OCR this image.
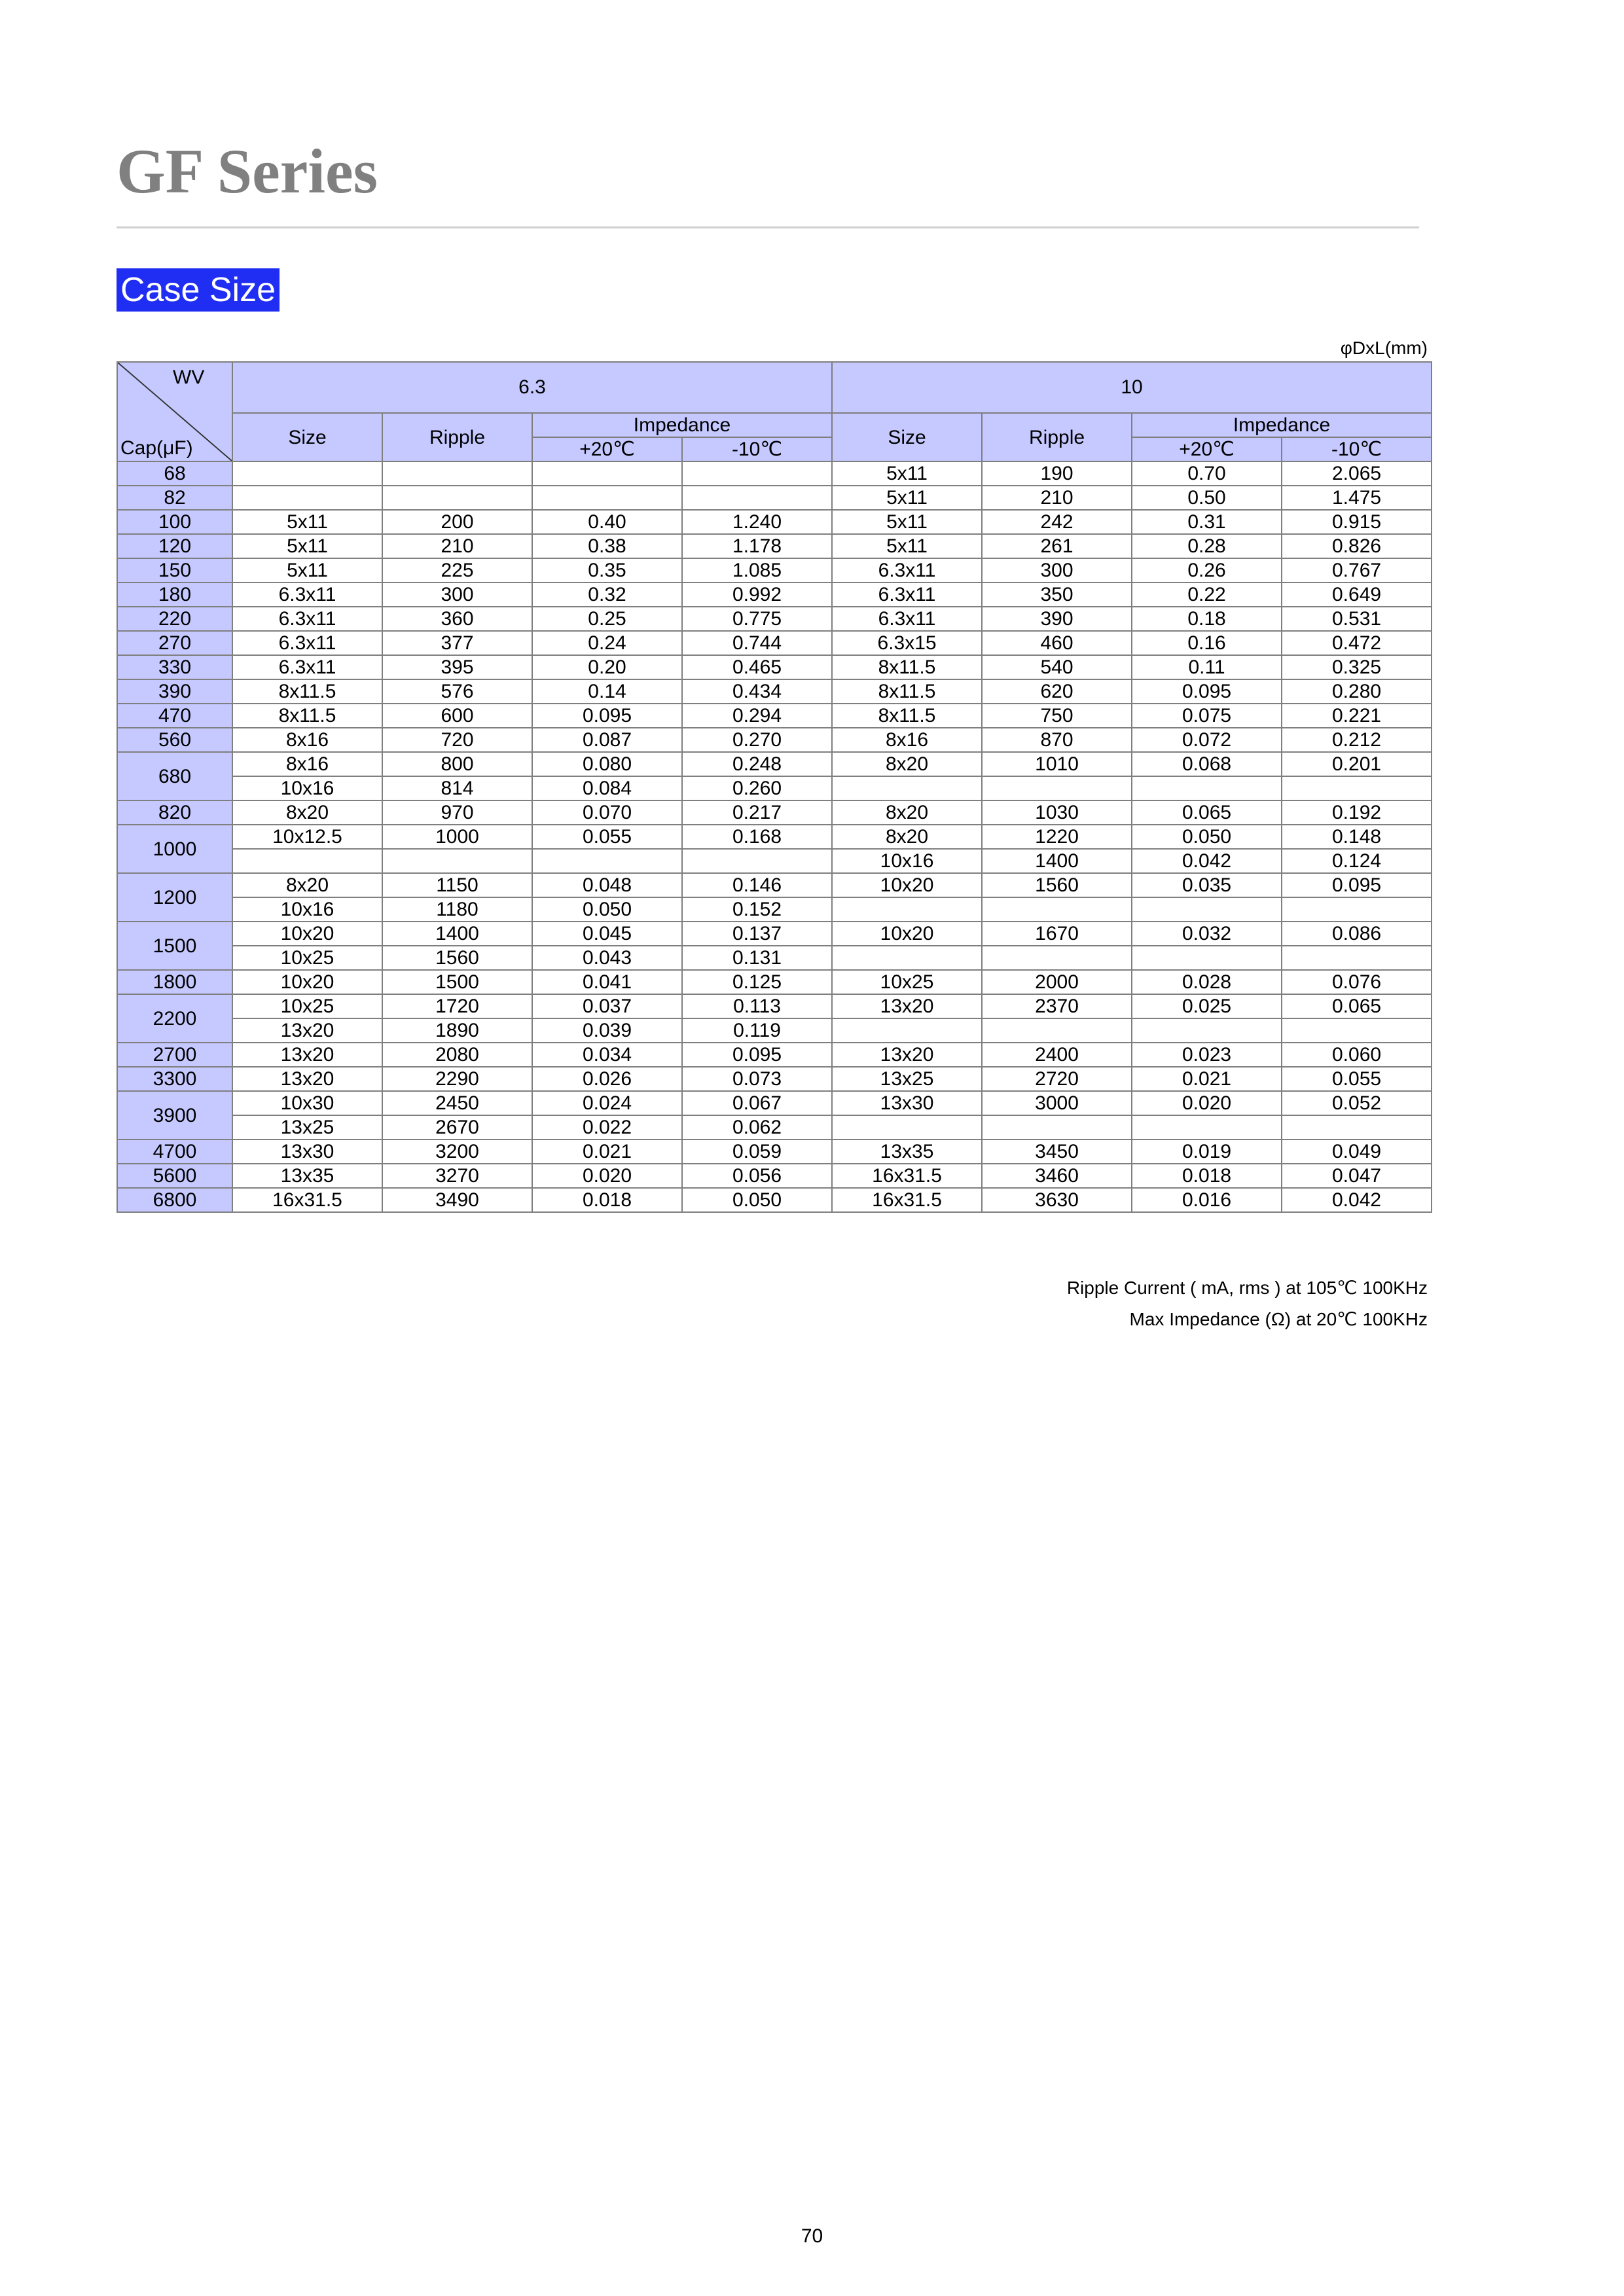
GF Series
Case Size
φDxL(mm)
WV
Cap(μF)	6.3				10			
	Size	Ripple	Impedance		Size	Ripple	Impedance	
			+20℃	-10℃			+20℃	-10℃
68					5x11	190	0.70	2.065
82					5x11	210	0.50	1.475
100	5x11	200	0.40	1.240	5x11	242	0.31	0.915
120	5x11	210	0.38	1.178	5x11	261	0.28	0.826
150	5x11	225	0.35	1.085	6.3x11	300	0.26	0.767
180	6.3x11	300	0.32	0.992	6.3x11	350	0.22	0.649
220	6.3x11	360	0.25	0.775	6.3x11	390	0.18	0.531
270	6.3x11	377	0.24	0.744	6.3x15	460	0.16	0.472
330	6.3x11	395	0.20	0.465	8x11.5	540	0.11	0.325
390	8x11.5	576	0.14	0.434	8x11.5	620	0.095	0.280
470	8x11.5	600	0.095	0.294	8x11.5	750	0.075	0.221
560	8x16	720	0.087	0.270	8x16	870	0.072	0.212
680	8x16	800	0.080	0.248	8x20	1010	0.068	0.201
	10x16	814	0.084	0.260				
820	8x20	970	0.070	0.217	8x20	1030	0.065	0.192
1000	10x12.5	1000	0.055	0.168	8x20	1220	0.050	0.148
					10x16	1400	0.042	0.124
1200	8x20	1150	0.048	0.146	10x20	1560	0.035	0.095
	10x16	1180	0.050	0.152				
1500	10x20	1400	0.045	0.137	10x20	1670	0.032	0.086
	10x25	1560	0.043	0.131				
1800	10x20	1500	0.041	0.125	10x25	2000	0.028	0.076
2200	10x25	1720	0.037	0.113	13x20	2370	0.025	0.065
	13x20	1890	0.039	0.119				
2700	13x20	2080	0.034	0.095	13x20	2400	0.023	0.060
3300	13x20	2290	0.026	0.073	13x25	2720	0.021	0.055
3900	10x30	2450	0.024	0.067	13x30	3000	0.020	0.052
	13x25	2670	0.022	0.062				
4700	13x30	3200	0.021	0.059	13x35	3450	0.019	0.049
5600	13x35	3270	0.020	0.056	16x31.5	3460	0.018	0.047
6800	16x31.5	3490	0.018	0.050	16x31.5	3630	0.016	0.042
Ripple Current ( mA, rms ) at 105℃ 100KHz
Max Impedance (Ω) at 20℃ 100KHz
70
